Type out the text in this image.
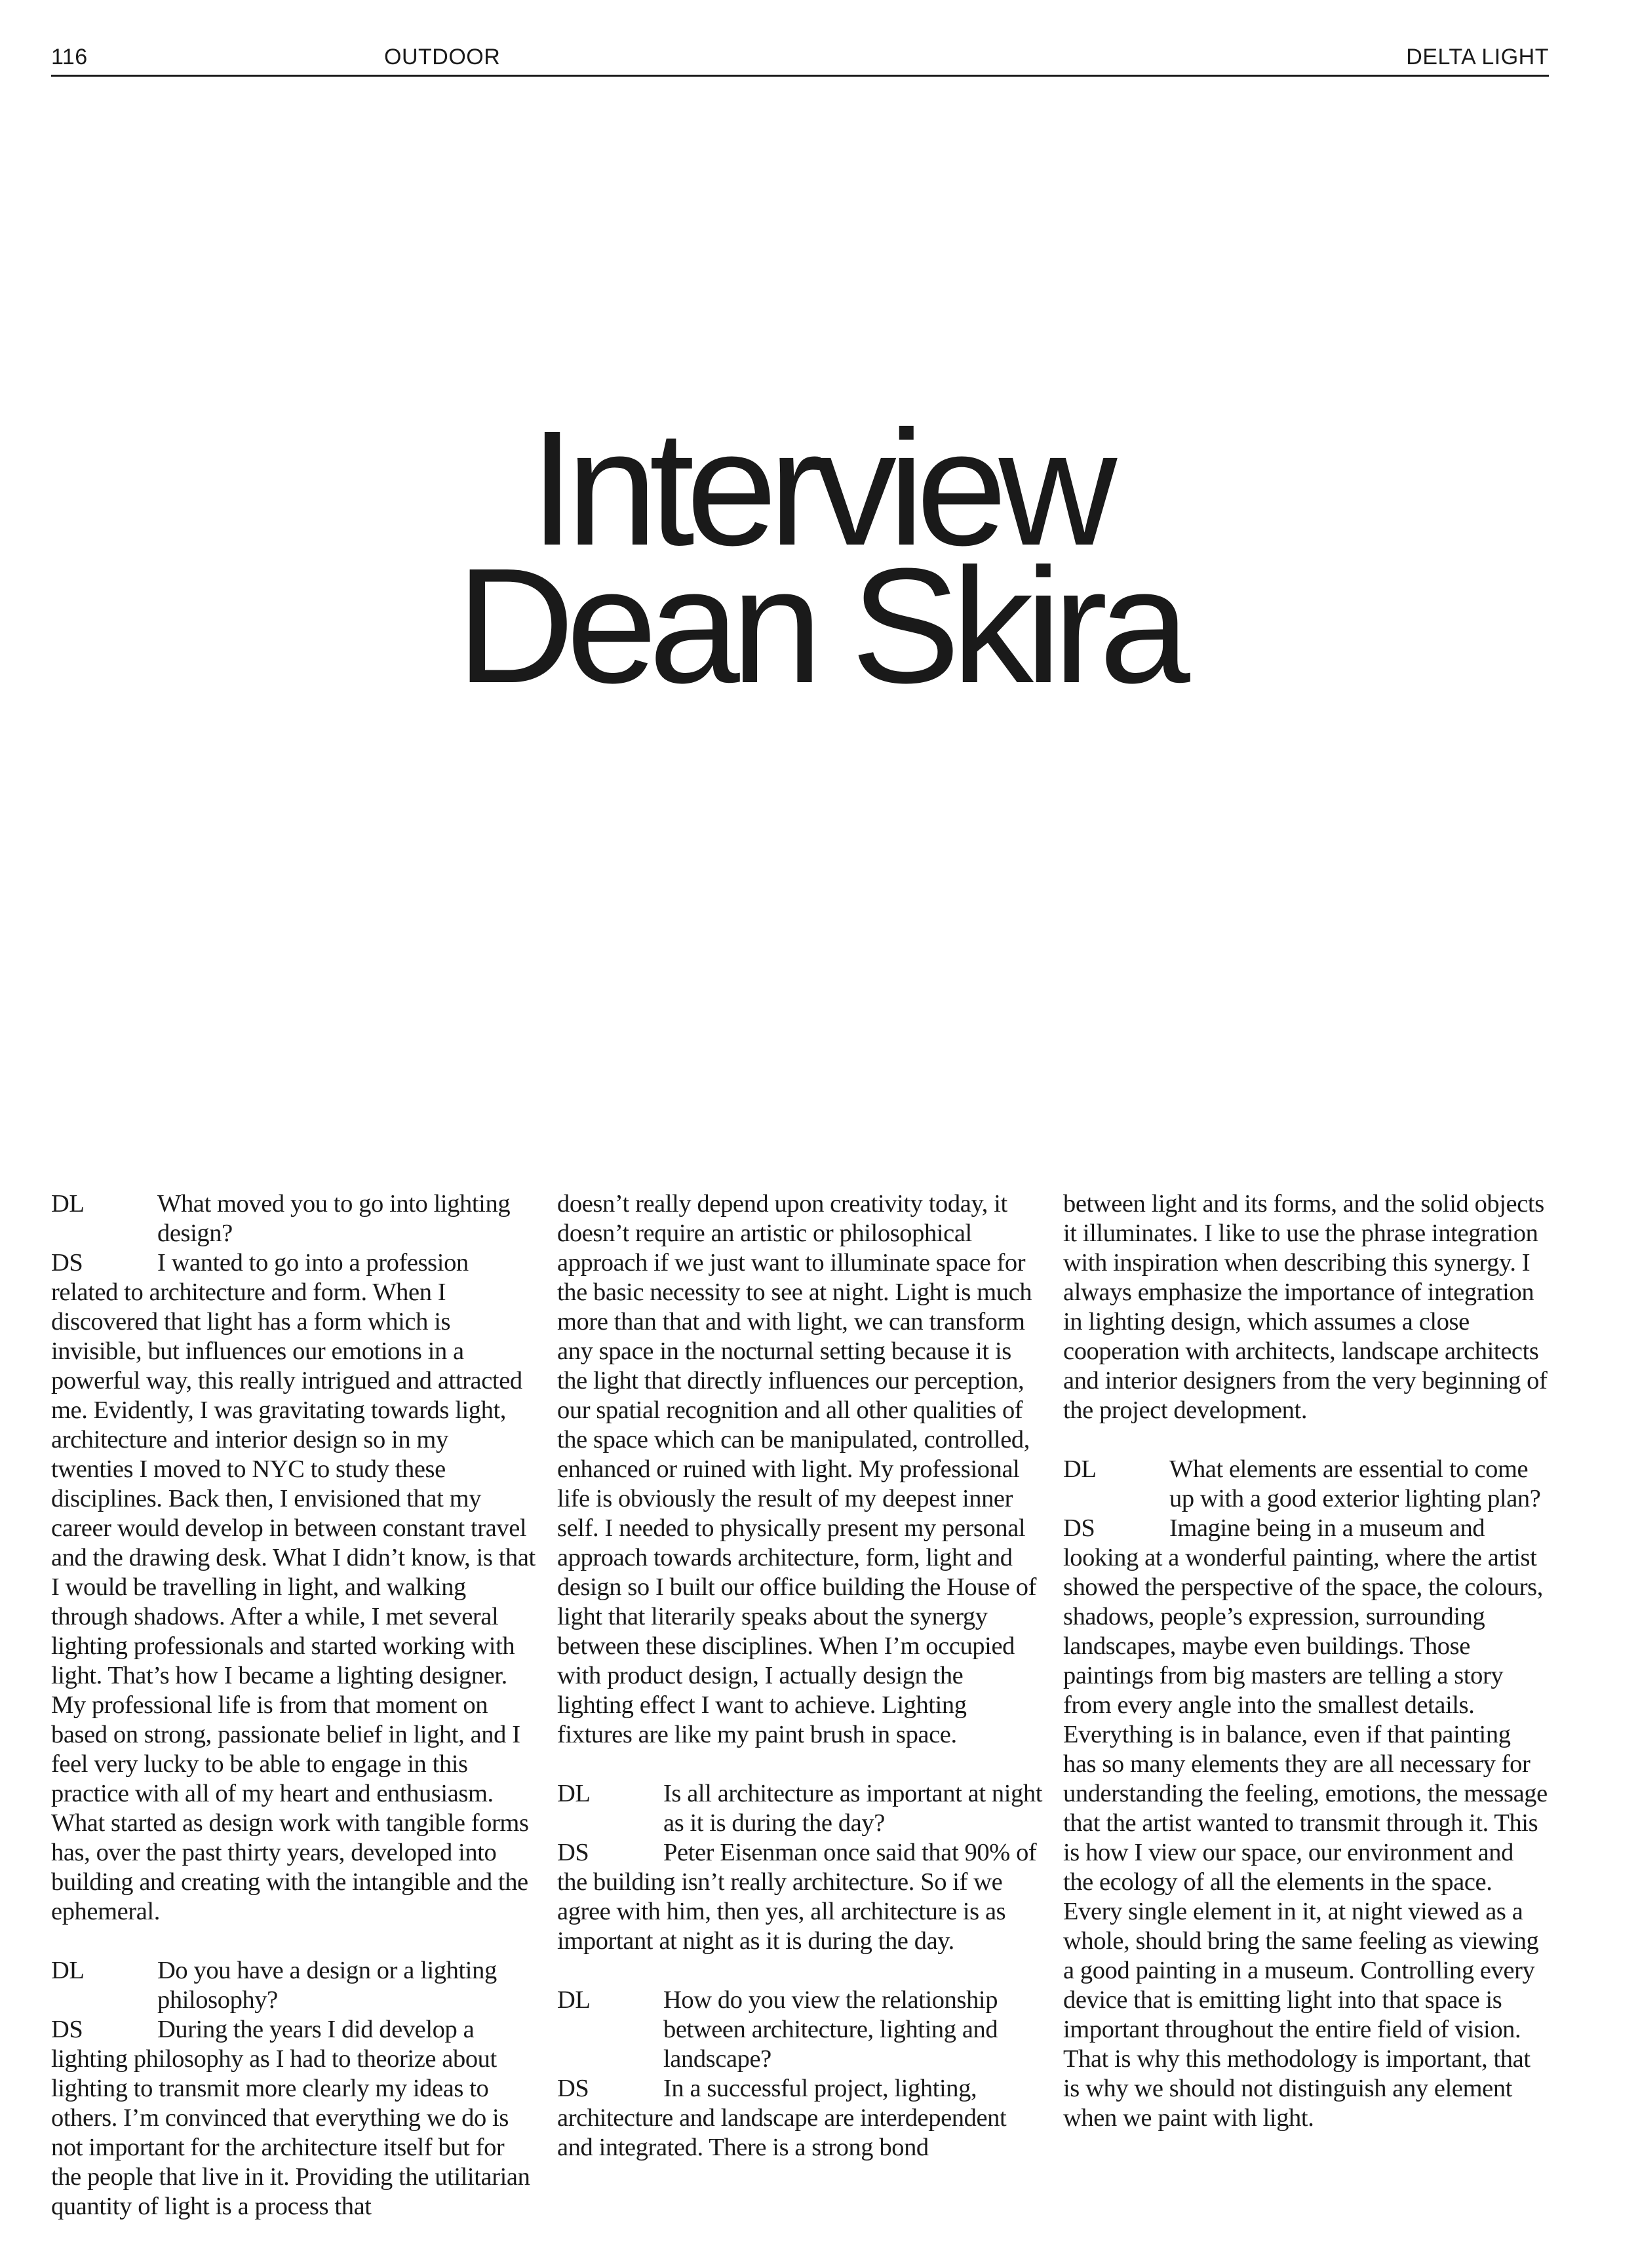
116	OUTDOOR	DELTA LIGHT
Interview
Dean Skira

DL	What moved you to go into lighting design?

DS	I wanted to go into a profession related to architecture and form. When I discovered that light has a form which is invisible, but influences our emotions in a powerful way, this really intrigued and attracted me. Evidently, I was gravitating towards light, architecture and interior design so in my twenties I moved to NYC to study these disciplines. Back then, I envisioned that my career would develop in between constant travel and the drawing desk. What I didn’t know, is that I would be travelling in light, and walking through shadows. After a while, I met several lighting professionals and started working with light. That’s how I became a lighting designer. My professional life is from that moment on based on strong, passionate belief in light, and I feel very lucky to be able to engage in this practice with all of my heart and enthusiasm. What started as design work with tangible forms has, over the past thirty years, developed into building and creating with the intangible and the ephemeral.

DL	Do you have a design or a lighting philosophy?

DS	During the years I did develop a lighting philosophy as I had to theorize about lighting to transmit more clearly my ideas to others. I’m convinced that everything we do is not important for the architecture itself but for the people that live in it. Providing the utilitarian quantity of light is a process that

doesn’t really depend upon creativity today, it doesn’t require an artistic or philosophical approach if we just want to illuminate space for the basic necessity to see at night. Light is much more than that and with light, we can transform any space in the nocturnal setting because it is the light that directly influences our perception, our spatial recognition and all other qualities of the space which can be manipulated, controlled, enhanced or ruined with light. My professional life is obviously the result of my deepest inner self. I needed to physically present my personal approach towards architecture, form, light and design so I built our office building the House of light that literarily speaks about the synergy between these disciplines. When I’m occupied with product design, I actually design the lighting effect I want to achieve. Lighting fixtures are like my paint brush in space.

DL	Is all architecture as important at night as it is during the day?

DS	Peter Eisenman once said that 90% of the building isn’t really architecture. So if we agree with him, then yes, all architecture is as important at night as it is during the day.

DL	How do you view the relationship between architecture, lighting and landscape?

DS	In a successful project, lighting, architecture and landscape are interdependent and integrated. There is a strong bond

between light and its forms, and the solid objects it illuminates. I like to use the phrase integration with inspiration when describing this synergy. I always emphasize the importance of integration in lighting design, which assumes a close cooperation with architects, landscape architects and interior designers from the very beginning of the project development.

DL	What elements are essential to come up with a good exterior lighting plan?

DS	Imagine being in a museum and looking at a wonderful painting, where the artist showed the perspective of the space, the colours, shadows, people’s expression, surrounding landscapes, maybe even buildings. Those paintings from big masters are telling a story from every angle into the smallest details. Everything is in balance, even if that painting has so many elements they are all necessary for understanding the feeling, emotions, the message that the artist wanted to transmit through it. This is how I view our space, our environment and the ecology of all the elements in the space. Every single element in it, at night viewed as a whole, should bring the same feeling as viewing a good painting in a museum. Controlling every device that is emitting light into that space is important throughout the entire field of vision. That is why this methodology is important, that is why we should not distinguish any element when we paint with light.
